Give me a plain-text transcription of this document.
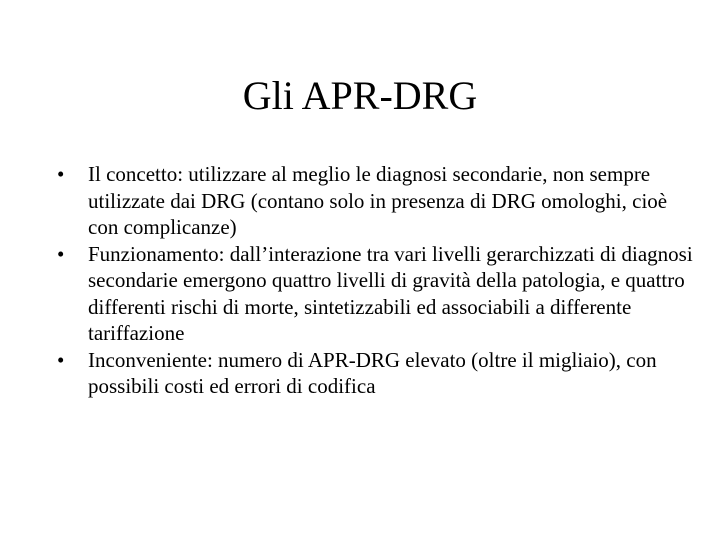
Gli APR-DRG
• Il concetto: utilizzare al meglio le diagnosi secondarie, non sempre utilizzate dai DRG (contano solo in presenza di DRG omologhi, cioè con complicanze)
• Funzionamento: dall’interazione tra vari livelli gerarchizzati di diagnosi secondarie emergono quattro livelli di gravità della patologia, e quattro differenti rischi di morte, sintetizzabili ed associabili a differente tariffazione
• Inconveniente: numero di APR-DRG elevato (oltre il migliaio), con possibili costi ed errori di codifica
